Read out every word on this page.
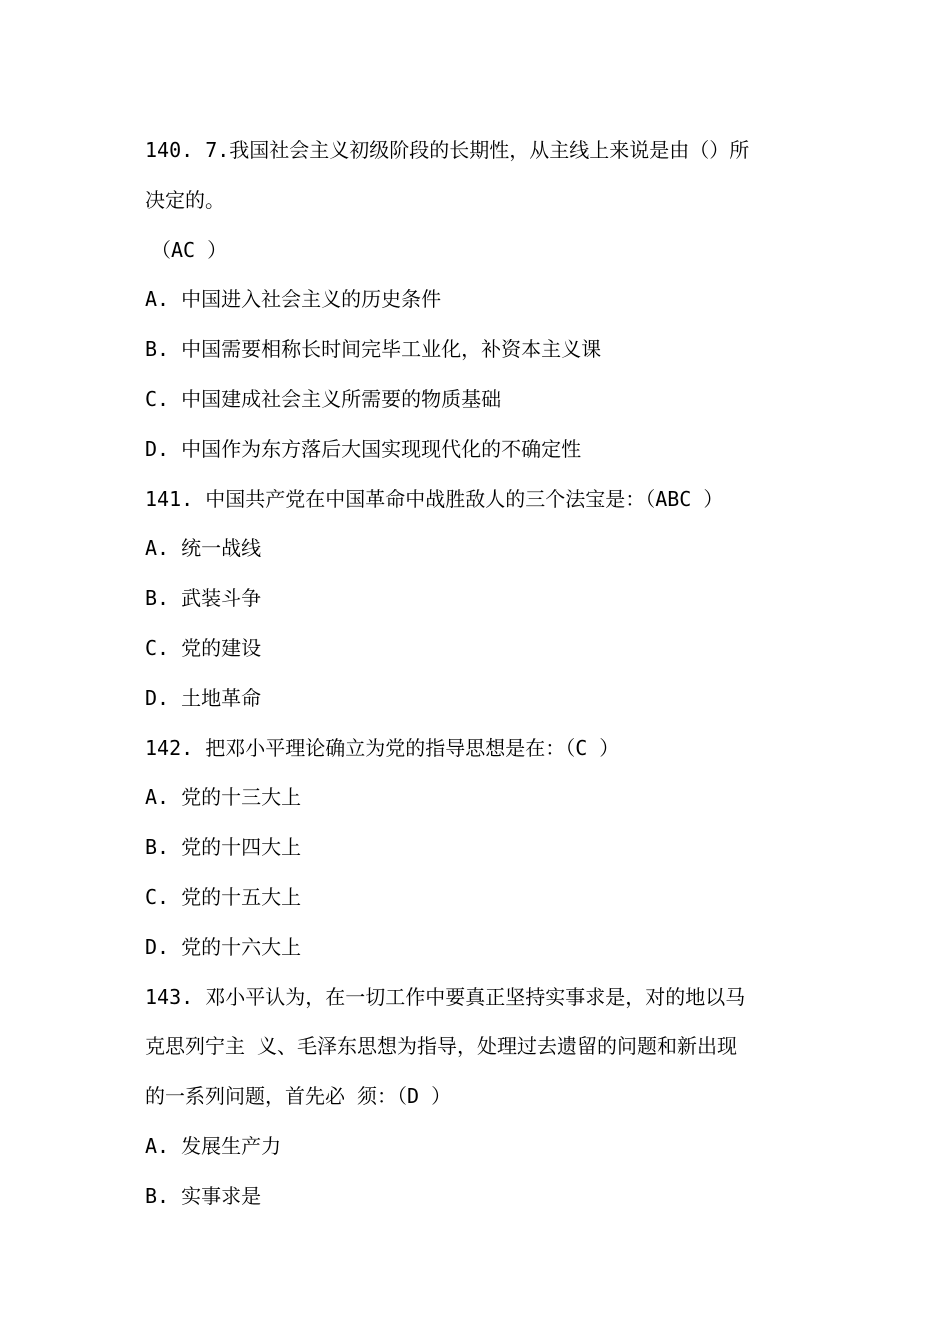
140. 7.我国社会主义初级阶段的长期性，从主线上来说是由（）所
决定的。
（AC ）
A. 中国进入社会主义的历史条件
B. 中国需要相称长时间完毕工业化，补资本主义课
C. 中国建成社会主义所需要的物质基础
D. 中国作为东方落后大国实现现代化的不确定性
141. 中国共产党在中国革命中战胜敌人的三个法宝是：（ABC ）
A. 统一战线
B. 武装斗争
C. 党的建设
D. 土地革命
142. 把邓小平理论确立为党的指导思想是在：（C ）
A. 党的十三大上
B. 党的十四大上
C. 党的十五大上
D. 党的十六大上
143. 邓小平认为，在一切工作中要真正坚持实事求是，对的地以马
克思列宁主 义、毛泽东思想为指导，处理过去遗留的问题和新出现
的一系列问题，首先必 须：（D ）
A. 发展生产力
B. 实事求是
